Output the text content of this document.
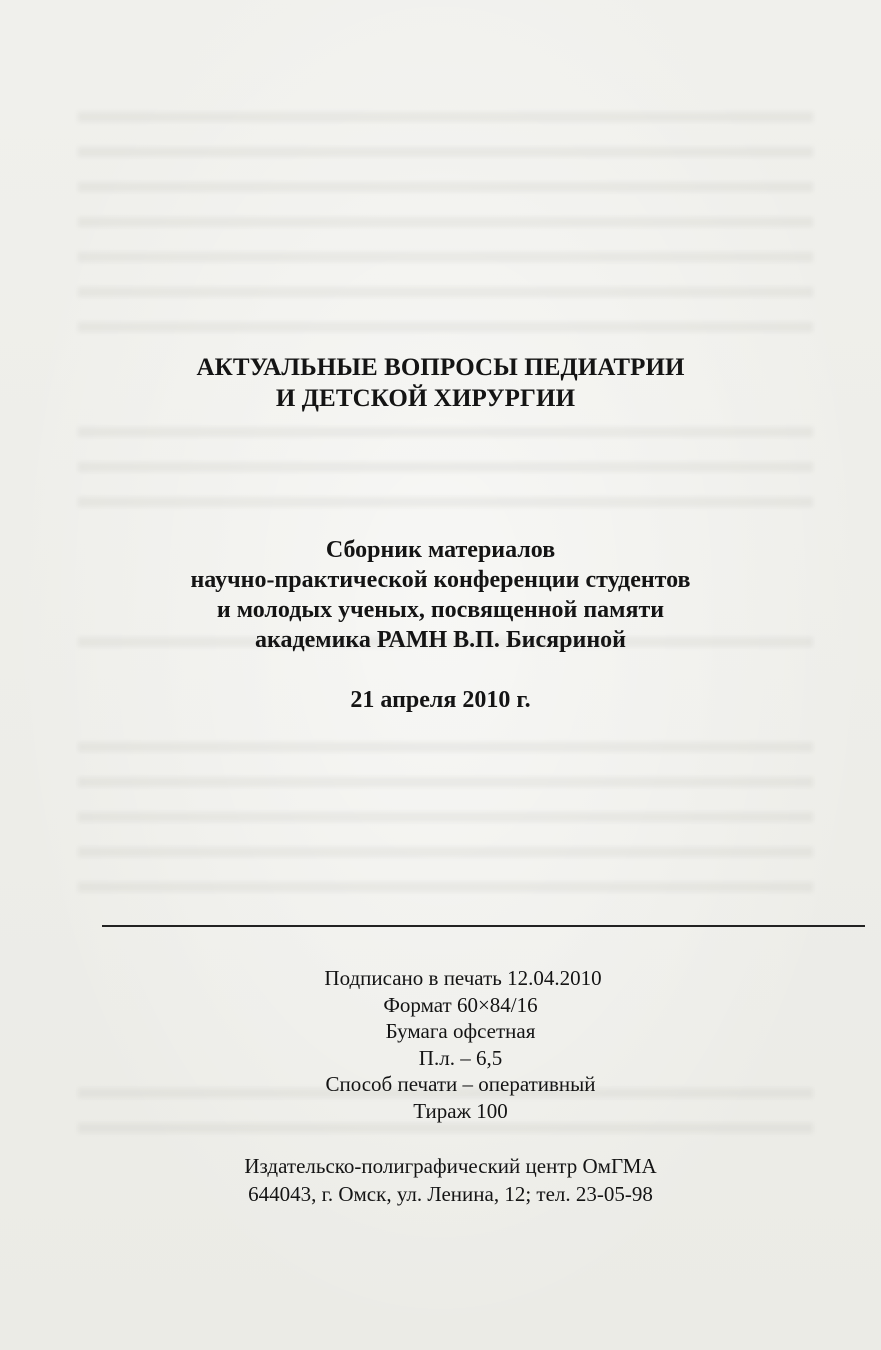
АКТУАЛЬНЫЕ ВОПРОСЫ ПЕДИАТРИИ
И ДЕТСКОЙ ХИРУРГИИ
Сборник материалов
научно-практической конференции студентов
и молодых ученых, посвященной памяти
академика РАМН В.П. Бисяриной
21 апреля 2010 г.
Подписано в печать 12.04.2010
Формат 60×84/16
Бумага офсетная
П.л. – 6,5
Способ печати – оперативный
Тираж 100
Издательско-полиграфический центр ОмГМА
644043, г. Омск, ул. Ленина, 12; тел. 23-05-98
